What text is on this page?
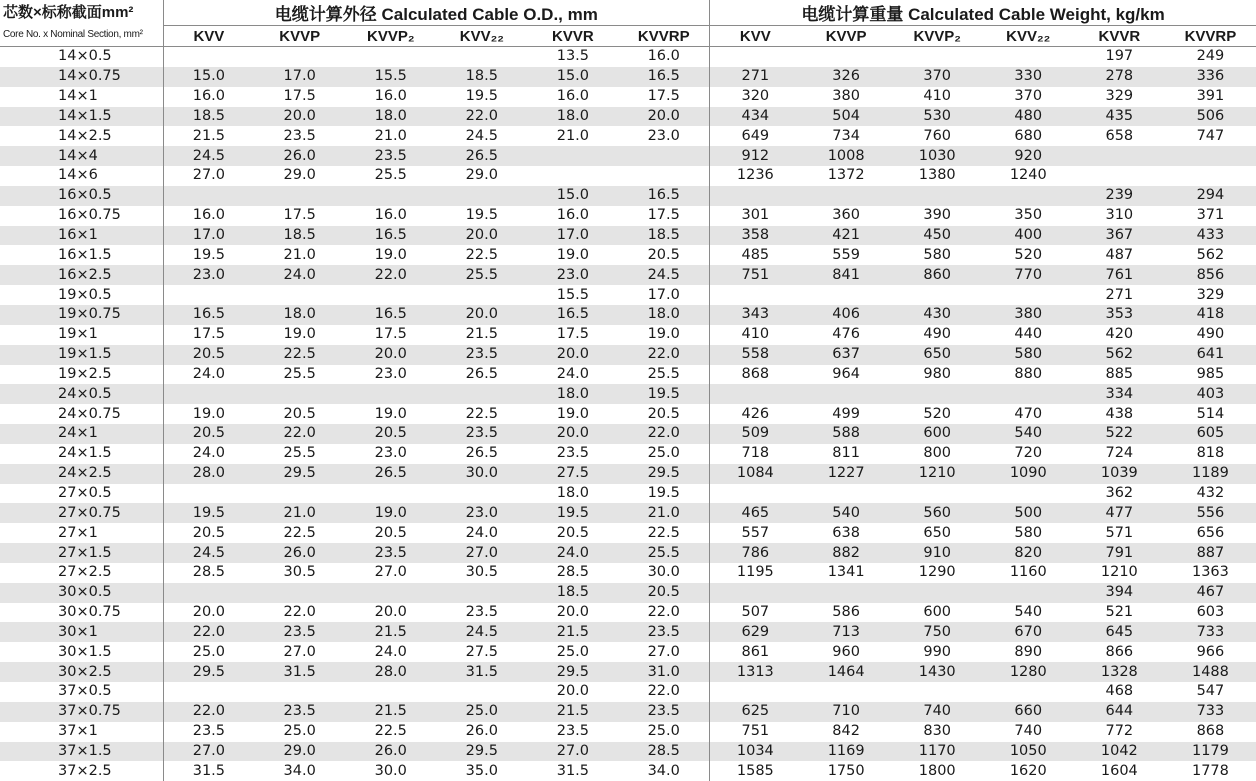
芯数×标称截面mm²
Core No. x Nominal Section, mm²	电缆计算外径 Calculated Cable O.D., mm						电缆计算重量 Calculated Cable Weight, kg/km					
	KVV	KVVP	KVVP₂	KVV₂₂	KVVR	KVVRP	KVV	KVVP	KVVP₂	KVV₂₂	KVVR	KVVRP
14×0.5					13.5	16.0					197	249
14×0.75	15.0	17.0	15.5	18.5	15.0	16.5	271	326	370	330	278	336
14×1	16.0	17.5	16.0	19.5	16.0	17.5	320	380	410	370	329	391
14×1.5	18.5	20.0	18.0	22.0	18.0	20.0	434	504	530	480	435	506
14×2.5	21.5	23.5	21.0	24.5	21.0	23.0	649	734	760	680	658	747
14×4	24.5	26.0	23.5	26.5			912	1008	1030	920		
14×6	27.0	29.0	25.5	29.0			1236	1372	1380	1240		
16×0.5					15.0	16.5					239	294
16×0.75	16.0	17.5	16.0	19.5	16.0	17.5	301	360	390	350	310	371
16×1	17.0	18.5	16.5	20.0	17.0	18.5	358	421	450	400	367	433
16×1.5	19.5	21.0	19.0	22.5	19.0	20.5	485	559	580	520	487	562
16×2.5	23.0	24.0	22.0	25.5	23.0	24.5	751	841	860	770	761	856
19×0.5					15.5	17.0					271	329
19×0.75	16.5	18.0	16.5	20.0	16.5	18.0	343	406	430	380	353	418
19×1	17.5	19.0	17.5	21.5	17.5	19.0	410	476	490	440	420	490
19×1.5	20.5	22.5	20.0	23.5	20.0	22.0	558	637	650	580	562	641
19×2.5	24.0	25.5	23.0	26.5	24.0	25.5	868	964	980	880	885	985
24×0.5					18.0	19.5					334	403
24×0.75	19.0	20.5	19.0	22.5	19.0	20.5	426	499	520	470	438	514
24×1	20.5	22.0	20.5	23.5	20.0	22.0	509	588	600	540	522	605
24×1.5	24.0	25.5	23.0	26.5	23.5	25.0	718	811	800	720	724	818
24×2.5	28.0	29.5	26.5	30.0	27.5	29.5	1084	1227	1210	1090	1039	1189
27×0.5					18.0	19.5					362	432
27×0.75	19.5	21.0	19.0	23.0	19.5	21.0	465	540	560	500	477	556
27×1	20.5	22.5	20.5	24.0	20.5	22.5	557	638	650	580	571	656
27×1.5	24.5	26.0	23.5	27.0	24.0	25.5	786	882	910	820	791	887
27×2.5	28.5	30.5	27.0	30.5	28.5	30.0	1195	1341	1290	1160	1210	1363
30×0.5					18.5	20.5					394	467
30×0.75	20.0	22.0	20.0	23.5	20.0	22.0	507	586	600	540	521	603
30×1	22.0	23.5	21.5	24.5	21.5	23.5	629	713	750	670	645	733
30×1.5	25.0	27.0	24.0	27.5	25.0	27.0	861	960	990	890	866	966
30×2.5	29.5	31.5	28.0	31.5	29.5	31.0	1313	1464	1430	1280	1328	1488
37×0.5					20.0	22.0					468	547
37×0.75	22.0	23.5	21.5	25.0	21.5	23.5	625	710	740	660	644	733
37×1	23.5	25.0	22.5	26.0	23.5	25.0	751	842	830	740	772	868
37×1.5	27.0	29.0	26.0	29.5	27.0	28.5	1034	1169	1170	1050	1042	1179
37×2.5	31.5	34.0	30.0	35.0	31.5	34.0	1585	1750	1800	1620	1604	1778
